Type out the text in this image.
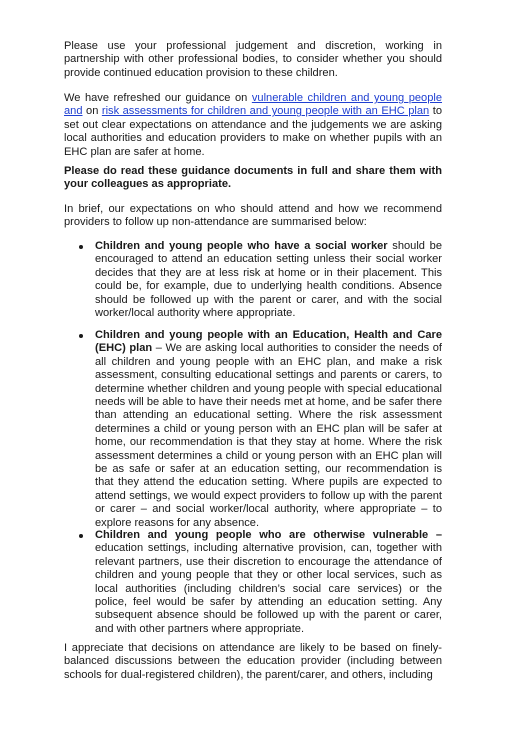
Please use your professional judgement and discretion, working in partnership with other professional bodies, to consider whether you should provide continued education provision to these children.

We have refreshed our guidance on vulnerable children and young people and on risk assessments for children and young people with an EHC plan to set out clear expectations on attendance and the judgements we are asking local authorities and education providers to make on whether pupils with an EHC plan are safer at home.

Please do read these guidance documents in full and share them with your colleagues as appropriate.

In brief, our expectations on who should attend and how we recommend providers to follow up non-attendance are summarised below:

Children and young people who have a social worker should be encouraged to attend an education setting unless their social worker decides that they are at less risk at home or in their placement. This could be, for example, due to underlying health conditions. Absence should be followed up with the parent or carer, and with the social worker/local authority where appropriate.
Children and young people with an Education, Health and Care (EHC) plan – We are asking local authorities to consider the needs of all children and young people with an EHC plan, and make a risk assessment, consulting educational settings and parents or carers, to determine whether children and young people with special educational needs will be able to have their needs met at home, and be safer there than attending an educational setting. Where the risk assessment determines a child or young person with an EHC plan will be safer at home, our recommendation is that they stay at home. Where the risk assessment determines a child or young person with an EHC plan will be as safe or safer at an education setting, our recommendation is that they attend the education setting. Where pupils are expected to attend settings, we would expect providers to follow up with the parent or carer – and social worker/local authority, where appropriate – to explore reasons for any absence.
Children and young people who are otherwise vulnerable – education settings, including alternative provision, can, together with relevant partners, use their discretion to encourage the attendance of children and young people that they or other local services, such as local authorities (including children’s social care services) or the police, feel would be safer by attending an education setting. Any subsequent absence should be followed up with the parent or carer, and with other partners where appropriate.

I appreciate that decisions on attendance are likely to be based on finely-balanced discussions between the education provider (including between schools for dual-registered children), the parent/carer, and others, including
